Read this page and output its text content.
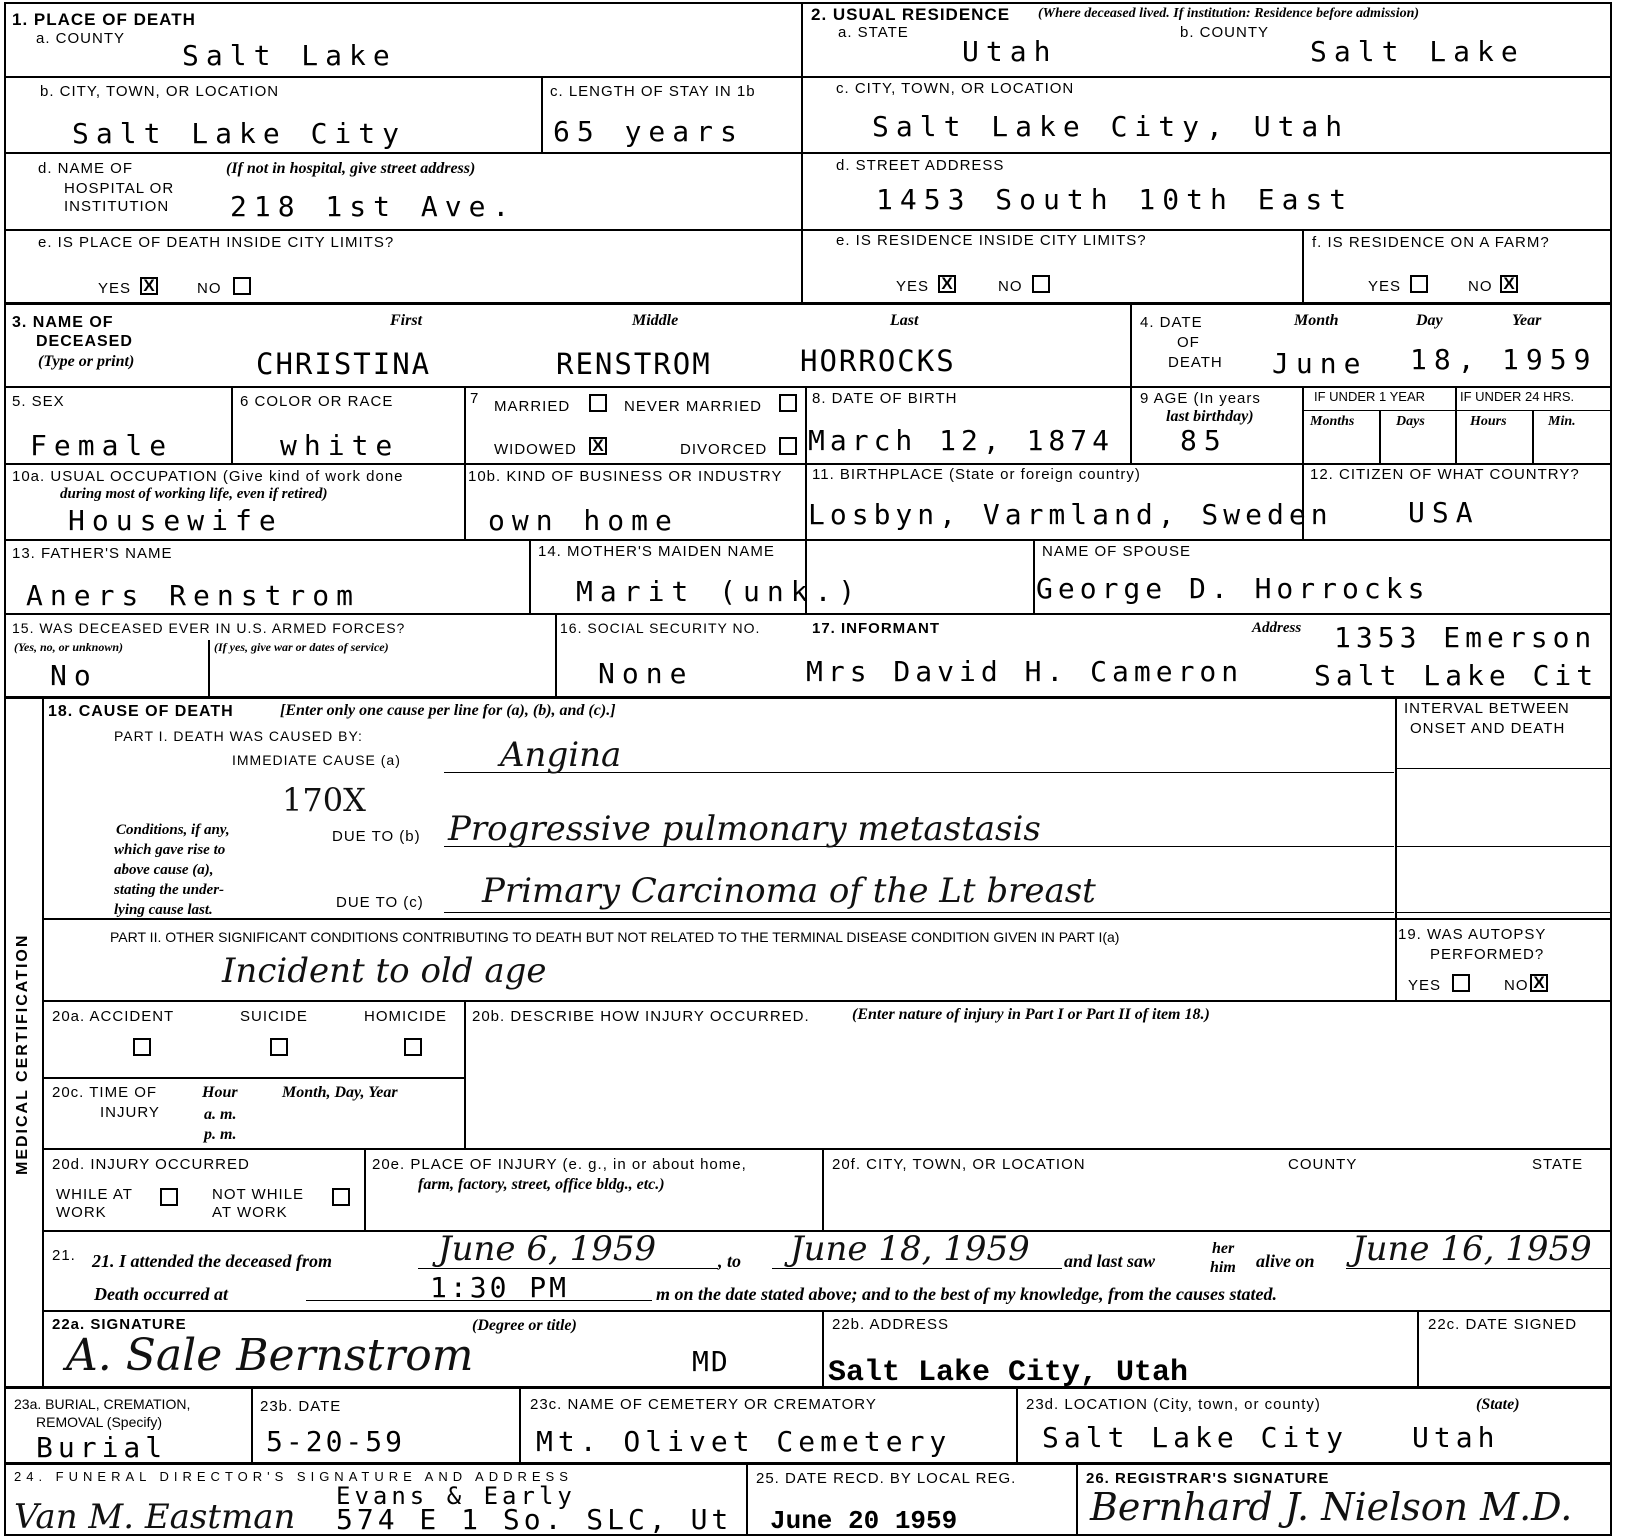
1. PLACE OF DEATH
a. COUNTY
Salt Lake
2. USUAL RESIDENCE (Where deceased lived. If institution: Residence before admission)
a. STATE
Utah
b. COUNTY
Salt Lake
b. CITY, TOWN, OR LOCATION
Salt Lake City
c. LENGTH OF STAY IN 1b
65 years
c. CITY, TOWN, OR LOCATION
Salt Lake City, Utah
d. NAME OF
HOSPITAL OR
INSTITUTION
(If not in hospital, give street address)
218 1st Ave.
d. STREET ADDRESS
1453 South 10th East
e. IS PLACE OF DEATH INSIDE CITY LIMITS?
YES X	NO
e. IS RESIDENCE INSIDE CITY LIMITS?
YES X	NO
f. IS RESIDENCE ON A FARM?
YES	NO X
3. NAME OF
DECEASED
(Type or print)
First	Middle	Last
CHRISTINA	RENSTROM	HORROCKS
4. DATE
OF
DEATH
Month	Day	Year
June 18, 1959
5. SEX
Female
6 COLOR OR RACE
white
7 MARRIED	NEVER MARRIED
WIDOWED X	DIVORCED
8. DATE OF BIRTH
March 12, 1874
9 AGE (In years
last birthday)
85
IF UNDER 1 YEAR	IF UNDER 24 HRS.
Months	Days	Hours	Min.
10a. USUAL OCCUPATION (Give kind of work done
during most of working life, even if retired)
Housewife
10b. KIND OF BUSINESS OR INDUSTRY
own home
11. BIRTHPLACE (State or foreign country)
Losbyn, Varmland, Sweden
12. CITIZEN OF WHAT COUNTRY?
USA
13. FATHER'S NAME
Aners Renstrom
14. MOTHER'S MAIDEN NAME
Marit (unk.)
NAME OF SPOUSE
George D. Horrocks
15. WAS DECEASED EVER IN U.S. ARMED FORCES?
(Yes, no, or unknown)	(If yes, give war or dates of service)
No
16. SOCIAL SECURITY NO.
None
17. INFORMANT	Address
Mrs David H. Cameron
1353 Emerson
Salt Lake Cit
MEDICAL CERTIFICATION
18. CAUSE OF DEATH	[Enter only one cause per line for (a), (b), and (c).]
PART I. DEATH WAS CAUSED BY:
IMMEDIATE CAUSE (a)	Angina
170X
Conditions, if any,
which gave rise to
above cause (a),
stating the under-
lying cause last.
DUE TO (b) Progressive pulmonary metastasis
DUE TO (c) Primary Carcinoma of the Lt breast
INTERVAL BETWEEN
ONSET AND DEATH
PART II. OTHER SIGNIFICANT CONDITIONS CONTRIBUTING TO DEATH BUT NOT RELATED TO THE TERMINAL DISEASE CONDITION GIVEN IN PART I(a)
Incident to old age
19. WAS AUTOPSY
PERFORMED?
YES	NO X
20a. ACCIDENT	SUICIDE	HOMICIDE 20b. DESCRIBE HOW INJURY OCCURRED.	(Enter nature of injury in Part I or Part II of item 18.)
20c. TIME OF
INJURY
Hour
a. m.
p. m.
Month, Day, Year
20d. INJURY OCCURRED
WHILE AT
WORK
NOT WHILE
AT WORK
20e. PLACE OF INJURY (e. g., in or about home,
farm, factory, street, office bldg., etc.)
20f. CITY, TOWN, OR LOCATION	COUNTY	STATE
21. 21. I attended the deceased from	June 6, 1959	, to June 18, 1959 and last saw
her
him alive on June 16, 1959
Death occurred at	1:30 PM	m on the date stated above; and to the best of my knowledge, from the causes stated.
22a. SIGNATURE	(Degree or title)
A. Sale Bernstrom	MD
22b. ADDRESS
Salt Lake City, Utah
22c. DATE SIGNED
23a. BURIAL, CREMATION,
REMOVAL (Specify)
Burial
23b. DATE
5-20-59
23c. NAME OF CEMETERY OR CREMATORY
Mt. Olivet Cemetery
23d. LOCATION (City, town, or county)	(State)
Salt Lake City Utah
24. FUNERAL DIRECTOR'S SIGNATURE AND ADDRESS
Van M. Eastman
Evans & Early
574 E 1 So. SLC, Ut
25. DATE RECD. BY LOCAL REG.
June 20 1959
26. REGISTRAR'S SIGNATURE
Bernhard J. Nielson M.D.
